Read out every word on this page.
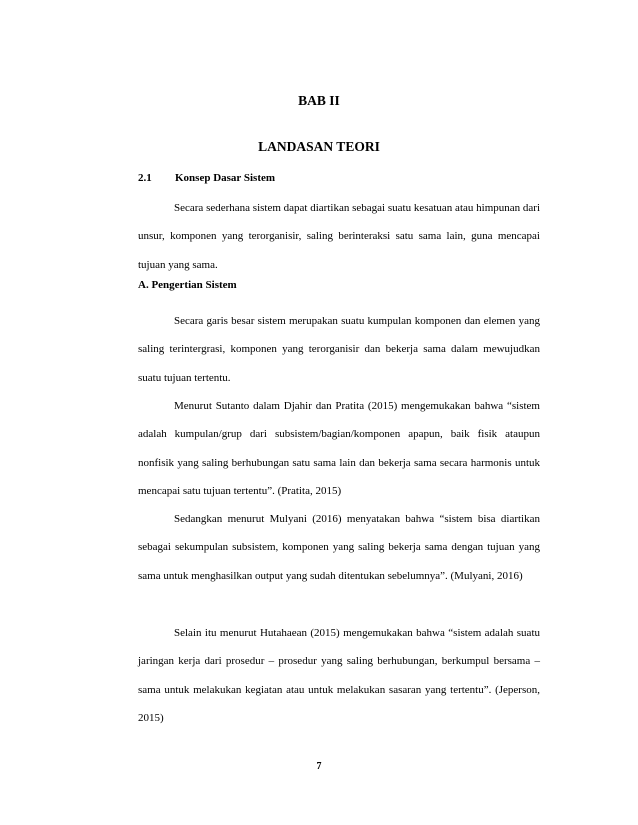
BAB II
LANDASAN TEORI
2.1 Konsep Dasar Sistem

Secara sederhana sistem dapat diartikan sebagai suatu kesatuan atau himpunan dari unsur, komponen yang terorganisir, saling berinteraksi satu sama lain, guna mencapai tujuan yang sama.

A. Pengertian Sistem

Secara garis besar sistem merupakan suatu kumpulan komponen dan elemen yang saling terintergrasi, komponen yang terorganisir dan bekerja sama dalam mewujudkan suatu tujuan tertentu.

Menurut Sutanto dalam Djahir dan Pratita (2015) mengemukakan bahwa “sistem adalah kumpulan/grup dari subsistem/bagian/komponen apapun, baik fisik ataupun nonfisik yang saling berhubungan satu sama lain dan bekerja sama secara harmonis untuk mencapai satu tujuan tertentu”. (Pratita, 2015)

Sedangkan menurut Mulyani (2016) menyatakan bahwa “sistem bisa diartikan sebagai sekumpulan subsistem, komponen yang saling bekerja sama dengan tujuan yang sama untuk menghasilkan output yang sudah ditentukan sebelumnya”. (Mulyani, 2016)

Selain itu menurut Hutahaean (2015) mengemukakan bahwa “sistem adalah suatu jaringan kerja dari prosedur – prosedur yang saling berhubungan, berkumpul bersama – sama untuk melakukan kegiatan atau untuk melakukan sasaran yang tertentu”. (Jeperson, 2015)

7
